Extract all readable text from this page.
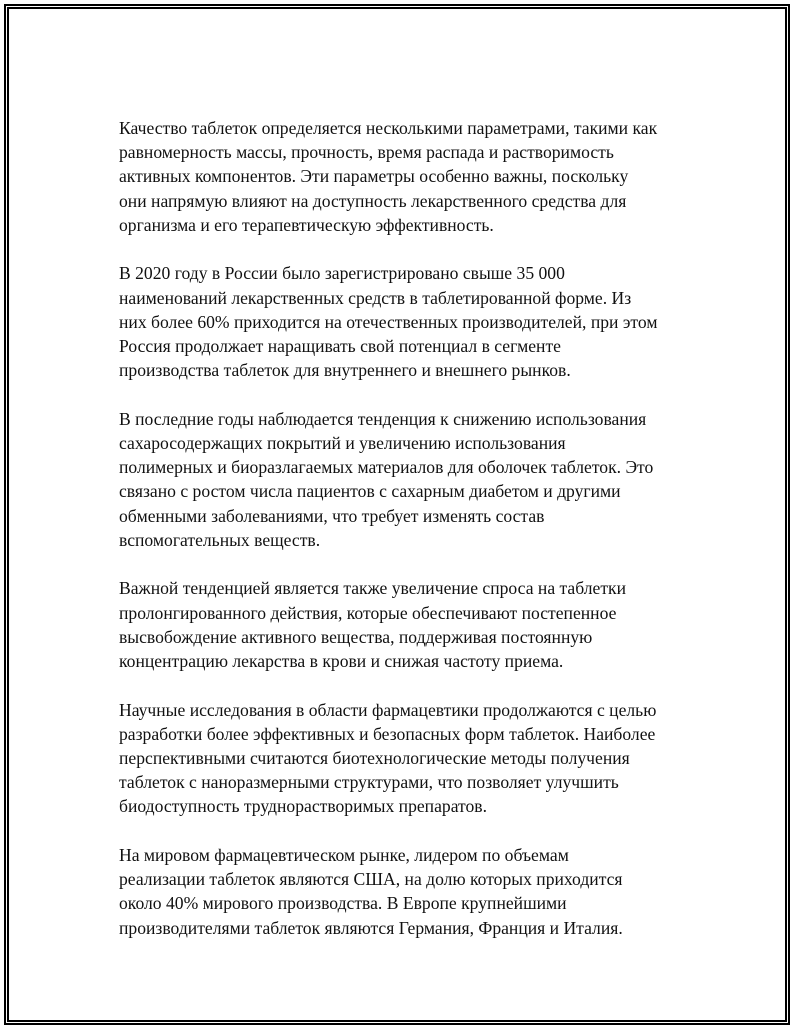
Качество таблеток определяется несколькими параметрами, такими как
равномерность массы, прочность, время распада и растворимость
активных компонентов. Эти параметры особенно важны, поскольку
они напрямую влияют на доступность лекарственного средства для
организма и его терапевтическую эффективность.

В 2020 году в России было зарегистрировано свыше 35 000
наименований лекарственных средств в таблетированной форме. Из
них более 60% приходится на отечественных производителей, при этом
Россия продолжает наращивать свой потенциал в сегменте
производства таблеток для внутреннего и внешнего рынков.

В последние годы наблюдается тенденция к снижению использования
сахаросодержащих покрытий и увеличению использования
полимерных и биоразлагаемых материалов для оболочек таблеток. Это
связано с ростом числа пациентов с сахарным диабетом и другими
обменными заболеваниями, что требует изменять состав
вспомогательных веществ.

Важной тенденцией является также увеличение спроса на таблетки
пролонгированного действия, которые обеспечивают постепенное
высвобождение активного вещества, поддерживая постоянную
концентрацию лекарства в крови и снижая частоту приема.

Научные исследования в области фармацевтики продолжаются с целью
разработки более эффективных и безопасных форм таблеток. Наиболее
перспективными считаются биотехнологические методы получения
таблеток с наноразмерными структурами, что позволяет улучшить
биодоступность труднорастворимых препаратов.

На мировом фармацевтическом рынке, лидером по объемам
реализации таблеток являются США, на долю которых приходится
около 40% мирового производства. В Европе крупнейшими
производителями таблеток являются Германия, Франция и Италия.
